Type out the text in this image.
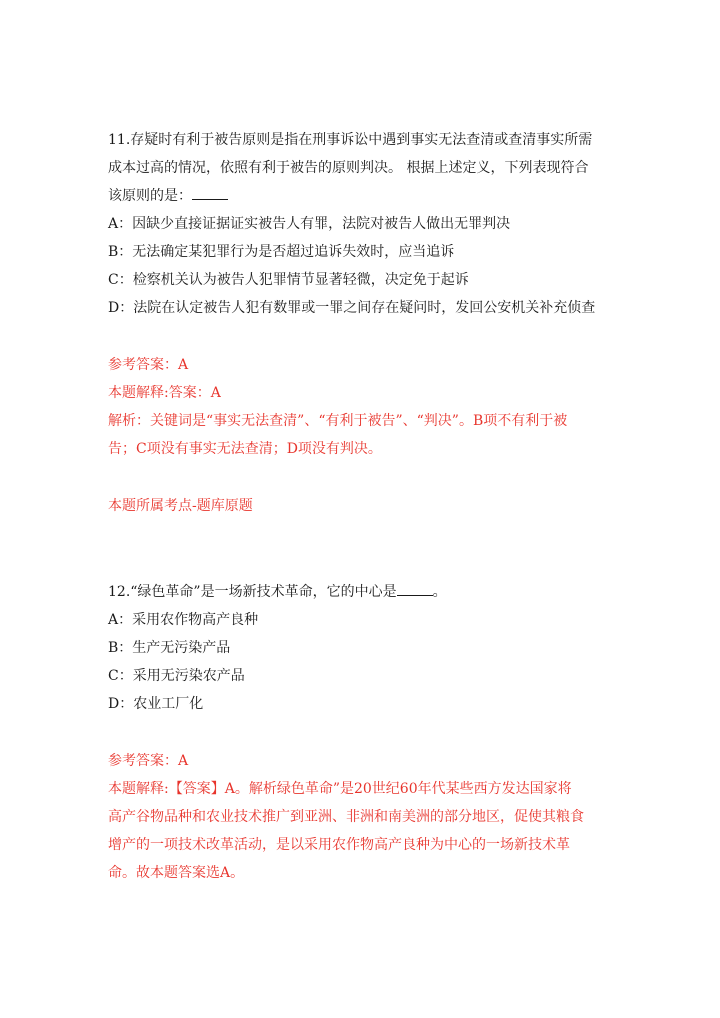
11.存疑时有利于被告原则是指在刑事诉讼中遇到事实无法查清或查清事实所需
成本过高的情况，依照有利于被告的原则判决。 根据上述定义，下列表现符合
该原则的是：
A：因缺少直接证据证实被告人有罪，法院对被告人做出无罪判决
B：无法确定某犯罪行为是否超过追诉失效时，应当追诉
C：检察机关认为被告人犯罪情节显著轻微，决定免于起诉
D：法院在认定被告人犯有数罪或一罪之间存在疑问时，发回公安机关补充侦查
参考答案：A
本题解释:答案：A
解析：关键词是“事实无法查清”、“有利于被告”、“判决”。B项不有利于被
告；C项没有事实无法查清；D项没有判决。
本题所属考点-题库原题
12.“绿色革命”是一场新技术革命，它的中心是	。
A：采用农作物高产良种
B：生产无污染产品
C：采用无污染农产品
D：农业工厂化
参考答案：A
本题解释:【答案】A。解析绿色革命”是20世纪60年代某些西方发达国家将
高产谷物品种和农业技术推广到亚洲、非洲和南美洲的部分地区，促使其粮食
增产的一项技术改革活动，是以采用农作物高产良种为中心的一场新技术革
命。故本题答案选A。
